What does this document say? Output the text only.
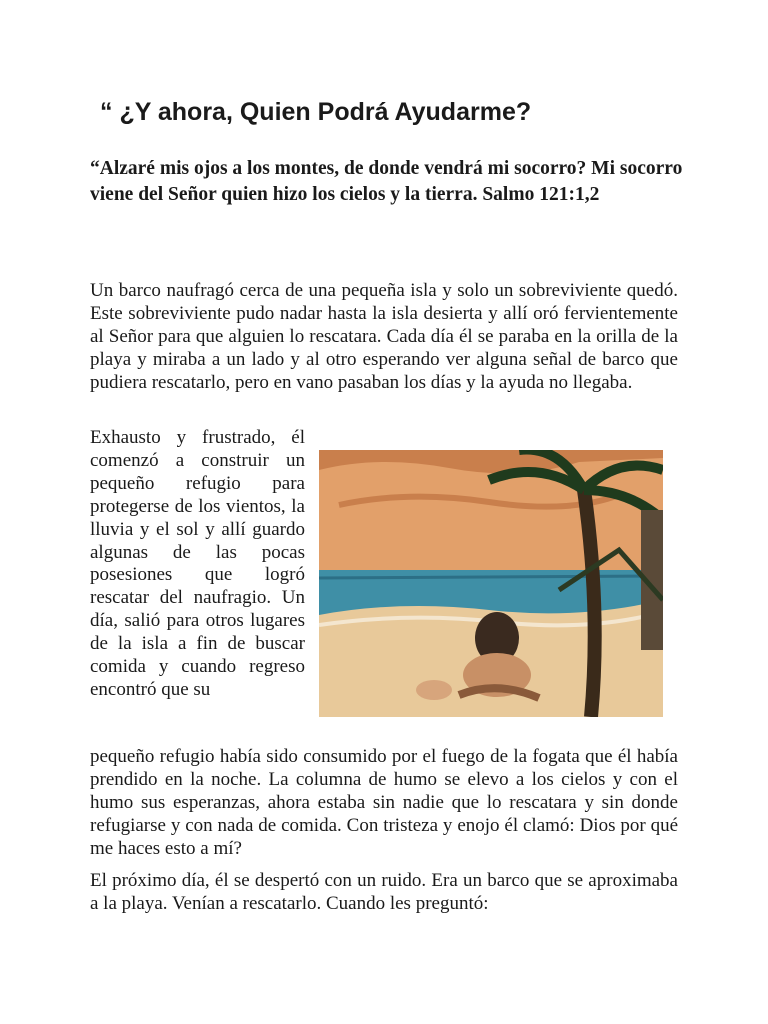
“ ¿Y ahora, Quien Podrá Ayudarme?

“Alzaré mis ojos a los montes, de donde vendrá mi socorro? Mi socorro viene del Señor quien hizo los cielos y la tierra. Salmo 121:1,2

Un barco naufragó cerca de una pequeña isla y solo un sobreviviente quedó. Este sobreviviente pudo nadar hasta la isla desierta y allí oró fervientemente al Señor para que alguien lo rescatara. Cada día él se paraba en la orilla de la playa y miraba a un lado y al otro esperando ver alguna señal de barco que pudiera rescatarlo, pero en vano pasaban los días y la ayuda no llegaba.

Exhausto y frustrado, él comenzó a construir un pequeño refugio para protegerse de los vientos, la lluvia y el sol y allí guardo algunas de las pocas posesiones que logró rescatar del naufragio. Un día, salió para otros lugares de la isla a fin de buscar comida y cuando regreso encontró que su

pequeño refugio había sido consumido por el fuego de la fogata que él había prendido en la noche. La columna de humo se elevo a los cielos y con el humo sus esperanzas, ahora estaba sin nadie que lo rescatara y sin donde refugiarse y con nada de comida. Con tristeza y enojo él clamó: Dios por qué me haces esto a mí?

El próximo día, él se despertó con un ruido. Era un barco que se aproximaba a la playa. Venían a rescatarlo. Cuando les preguntó:
